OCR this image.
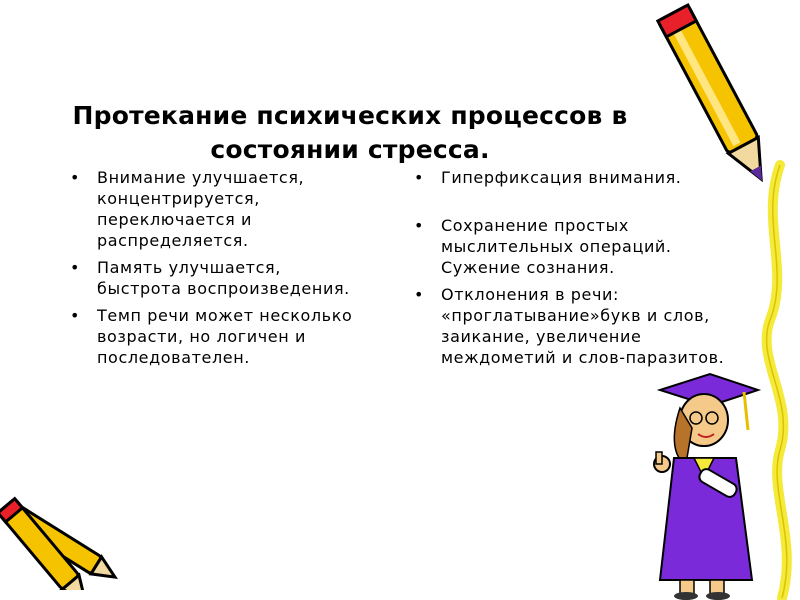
Протекание психических процессов в
состоянии стресса.
• Внимание улучшается, концентрируется, переключается и распределяется.
• Память улучшается, быстрота воспроизведения.
• Темп речи может несколько возрасти, но логичен и последователен.
• Гиперфиксация внимания.
• Сохранение простых мыслительных операций. Сужение сознания.
• Отклонения в речи: «проглатывание»букв и слов, заикание, увеличение междометий и слов-паразитов.
